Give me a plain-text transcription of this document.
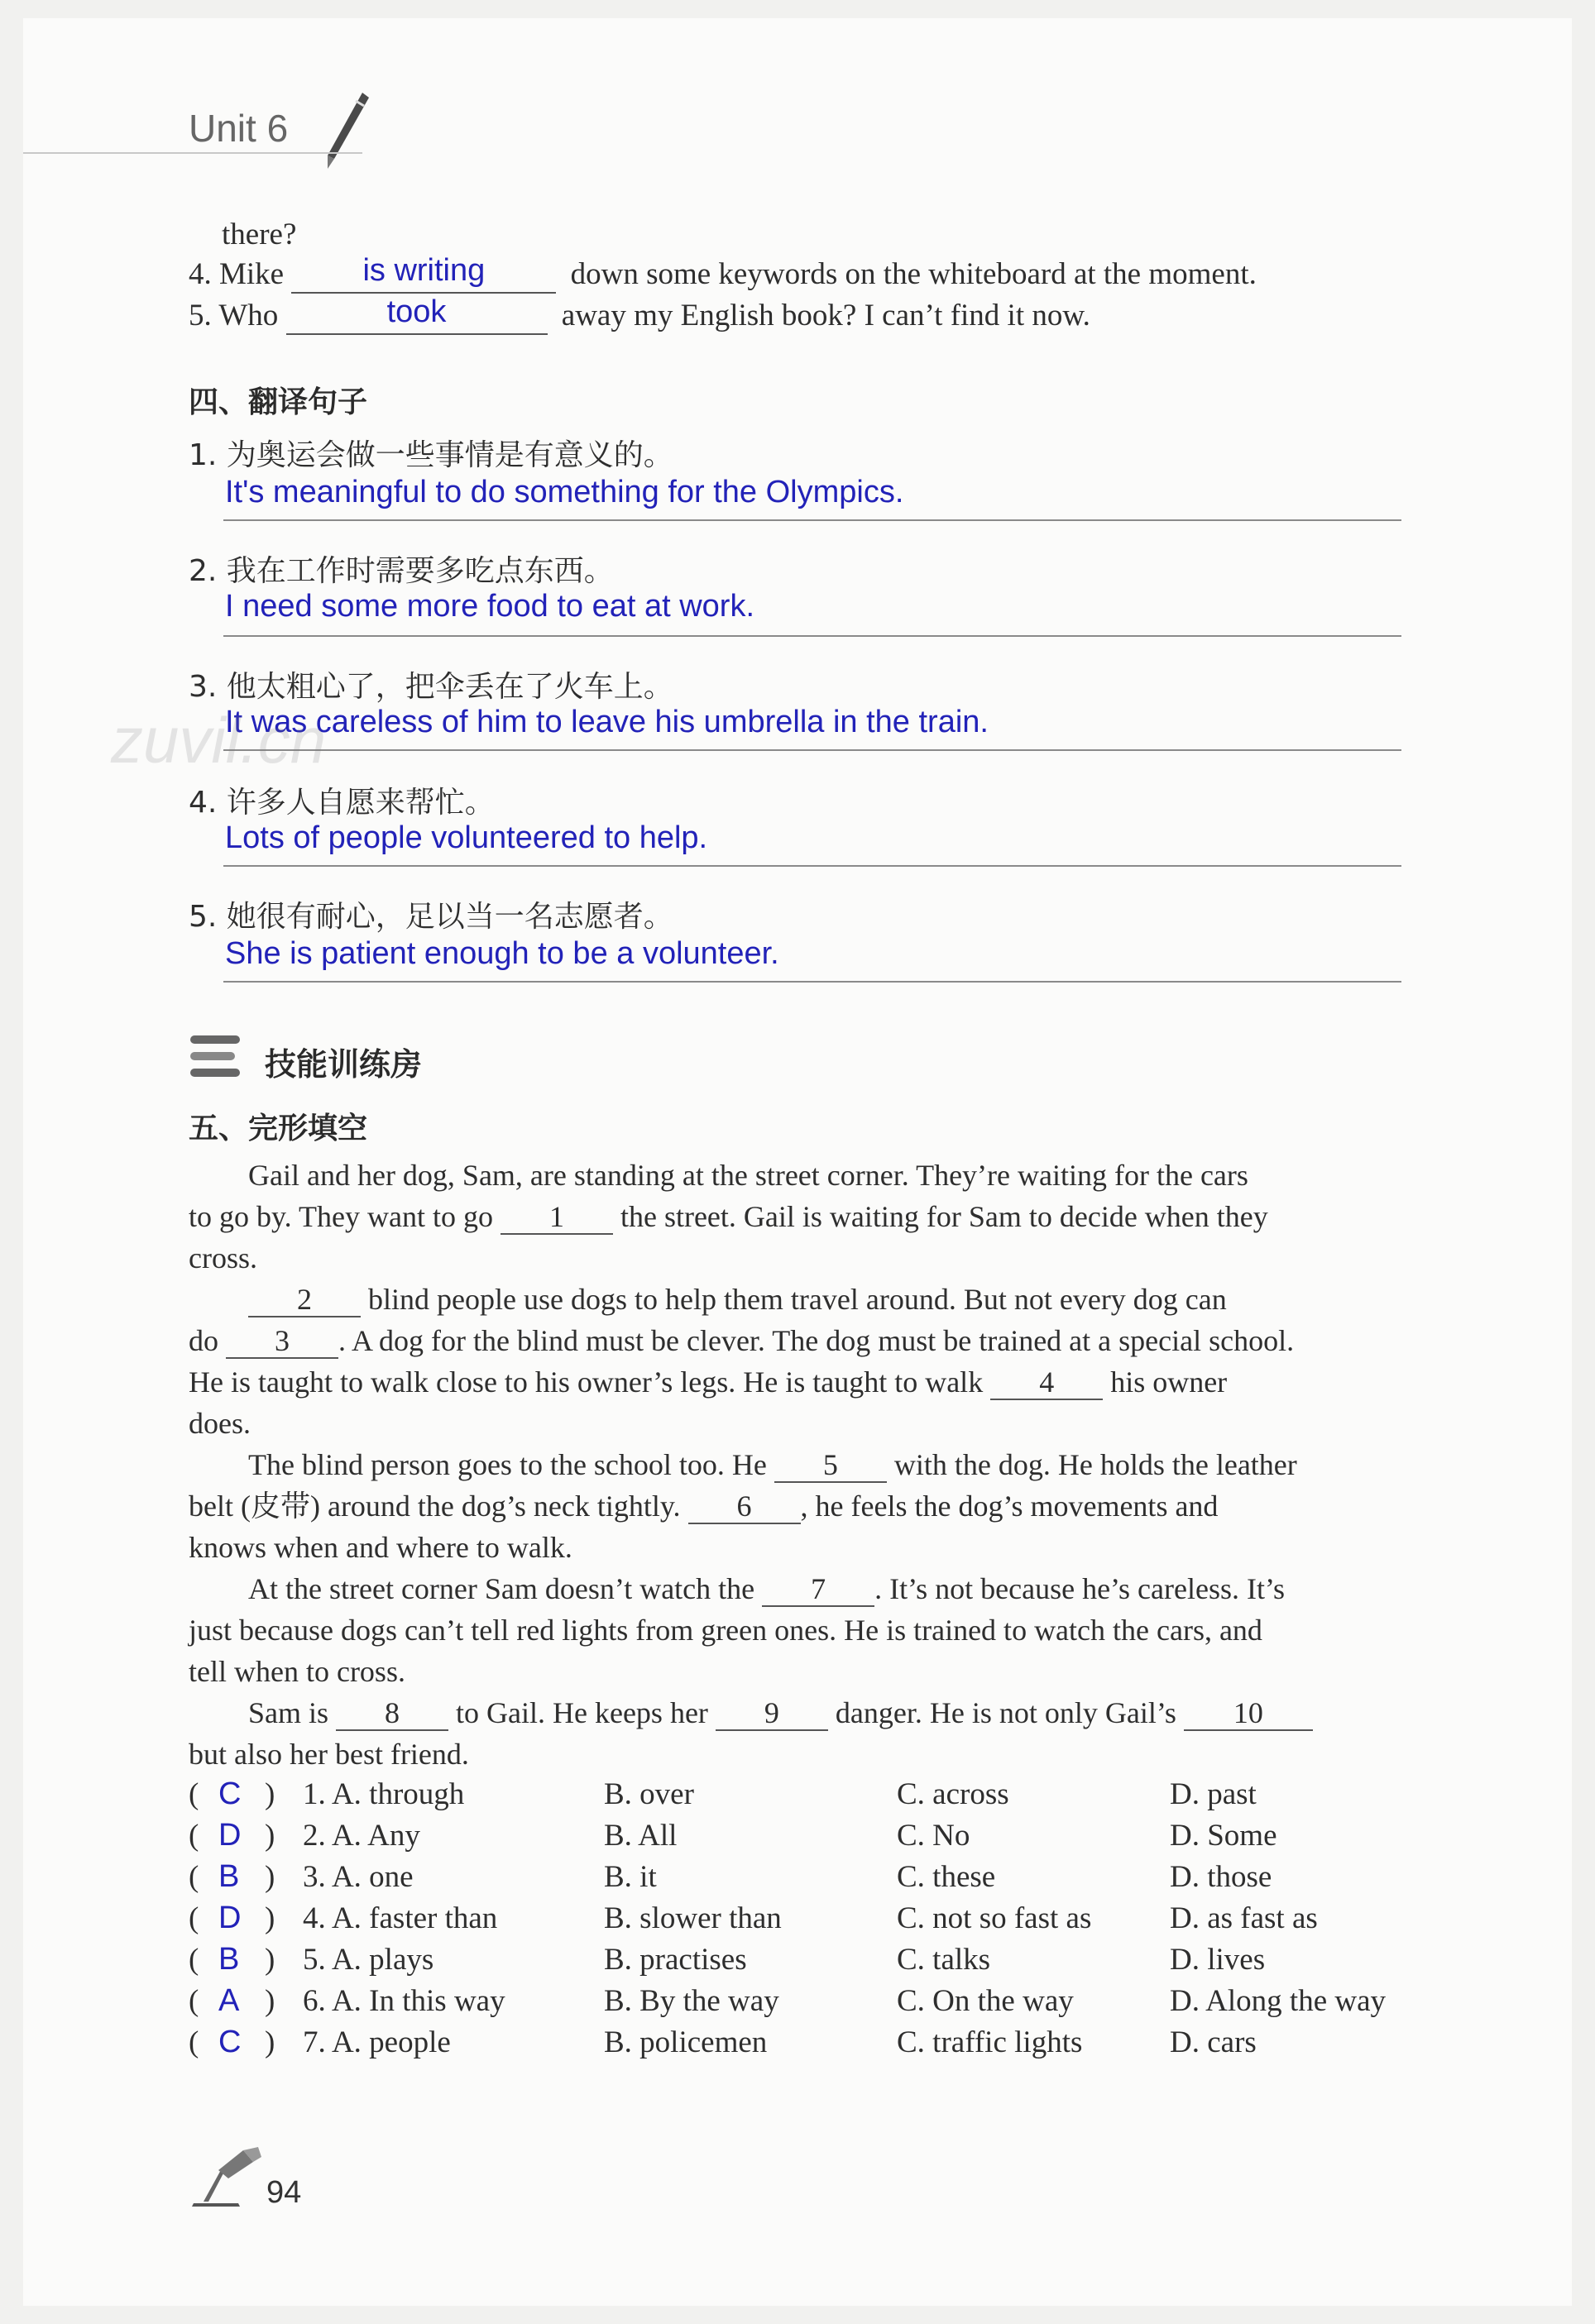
Unit 6
there?
4. Mike	is writing	down some keywords on the whiteboard at the moment.
5. Who	took	away my English book? I can’t find it now.
四、翻译句子
1. 为奥运会做一些事情是有意义的。
It's meaningful to do something for the Olympics.
2. 我在工作时需要多吃点东西。
I need some more food to eat at work.
3. 他太粗心了，把伞丢在了火车上。
It was careless of him to leave his umbrella in the train.
zuvil.cn
4. 许多人自愿来帮忙。
Lots of people volunteered to help.
5. 她很有耐心，足以当一名志愿者。
She is patient enough to be a volunteer.
技能训练房
五、完形填空
Gail and her dog, Sam, are standing at the street corner. They’re waiting for the cars
to go by. They want to go 1 the street. Gail is waiting for Sam to decide when they
cross.
2 blind people use dogs to help them travel around. But not every dog can
do 3 . A dog for the blind must be clever. The dog must be trained at a special school.
He is taught to walk close to his owner’s legs. He is taught to walk 4 his owner
does.
The blind person goes to the school too. He 5 with the dog. He holds the leather
belt (皮带) around the dog’s neck tightly. 6 , he feels the dog’s movements and
knows when and where to walk.
At the street corner Sam doesn’t watch the 7 . It’s not because he’s careless. It’s
just because dogs can’t tell red lights from green ones. He is trained to watch the cars, and
tell when to cross.
Sam is 8 to Gail. He keeps her 9 danger. He is not only Gail’s 10
but also her best friend.
( C ) 1. A. through	B. over	C. across	D. past
( D ) 2. A. Any	B. All	C. No	D. Some
( B ) 3. A. one	B. it	C. these	D. those
( D ) 4. A. faster than	B. slower than	C. not so fast as	D. as fast as
( B ) 5. A. plays	B. practises	C. talks	D. lives
( A ) 6. A. In this way	B. By the way	C. On the way	D. Along the way
( C ) 7. A. people	B. policemen	C. traffic lights	D. cars
94
